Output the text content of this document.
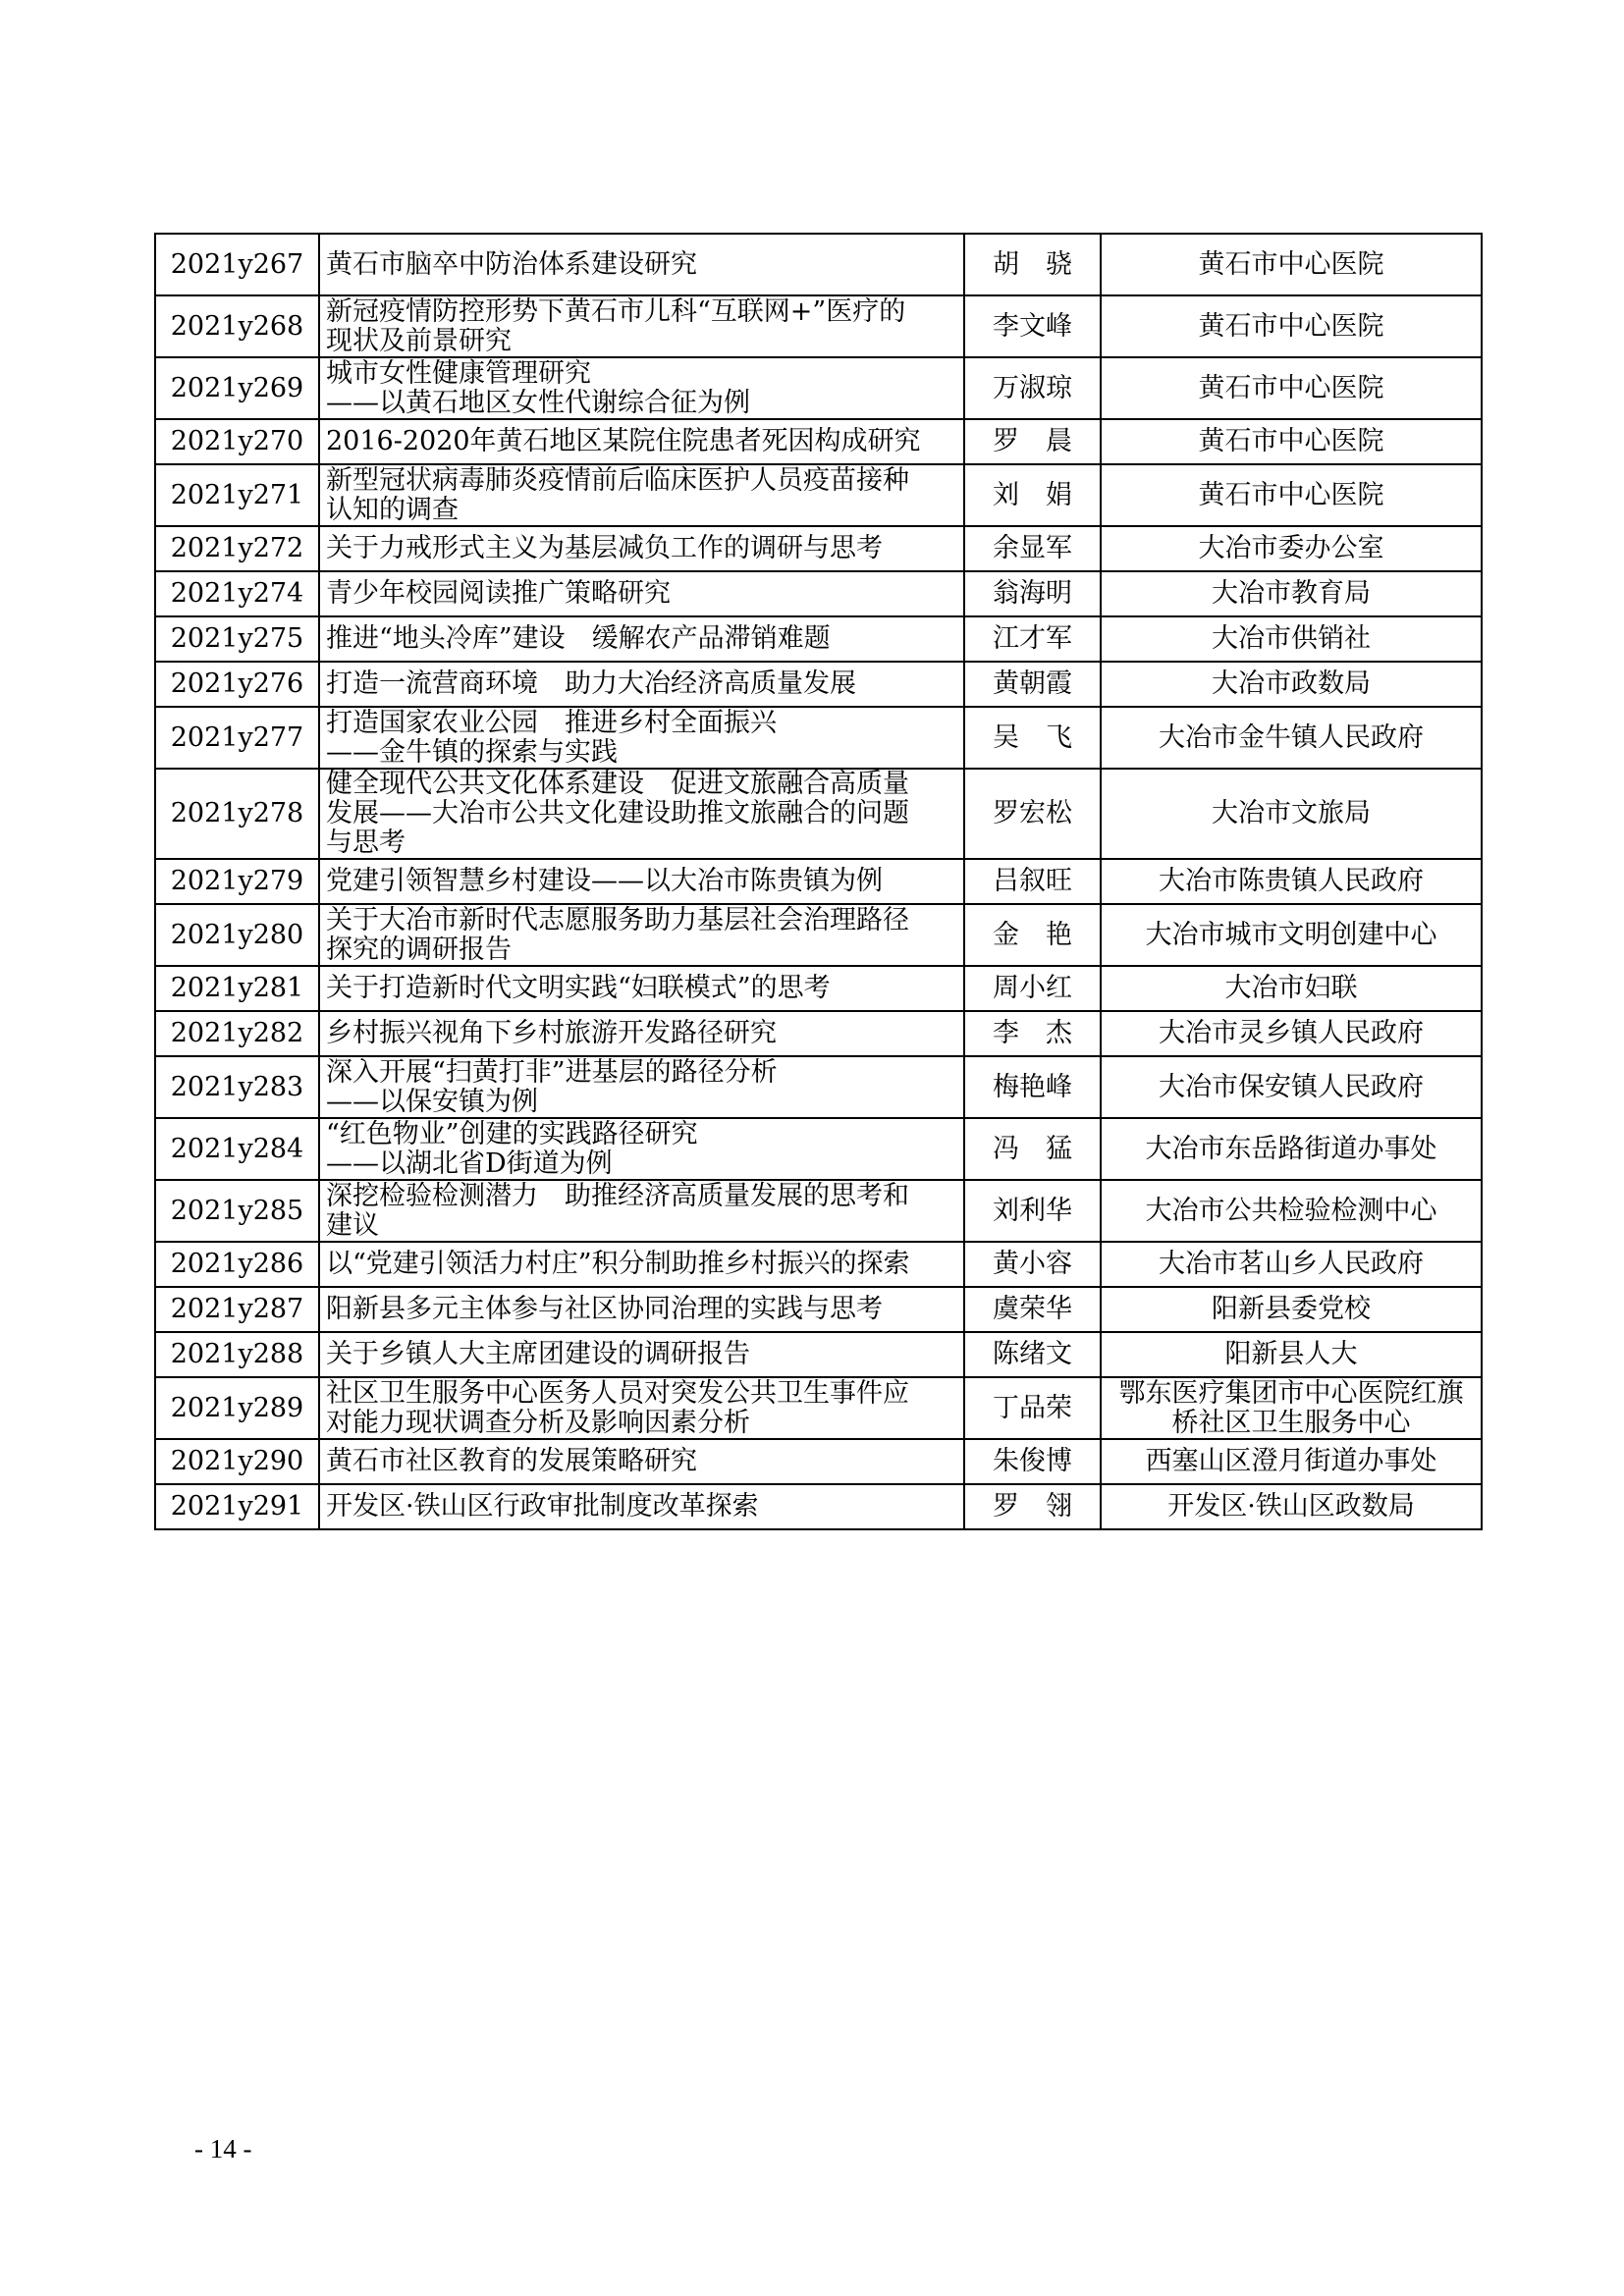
2021y267	黄石市脑卒中防治体系建设研究	胡　骁	黄石市中心医院

2021y268	新冠疫情防控形势下黄石市儿科“互联网+”医疗的
现状及前景研究	李文峰	黄石市中心医院

2021y269	城市女性健康管理研究
——以黄石地区女性代谢综合征为例	万淑琼	黄石市中心医院

2021y270	2016-2020年黄石地区某院住院患者死因构成研究	罗　晨	黄石市中心医院

2021y271	新型冠状病毒肺炎疫情前后临床医护人员疫苗接种
认知的调查	刘　娟	黄石市中心医院

2021y272	关于力戒形式主义为基层减负工作的调研与思考	余显军	大冶市委办公室

2021y274	青少年校园阅读推广策略研究	翁海明	大冶市教育局

2021y275	推进“地头冷库”建设　缓解农产品滞销难题	江才军	大冶市供销社

2021y276	打造一流营商环境　助力大冶经济高质量发展	黄朝霞	大冶市政数局

2021y277	打造国家农业公园　推进乡村全面振兴
——金牛镇的探索与实践	吴　飞	大冶市金牛镇人民政府

2021y278	健全现代公共文化体系建设　促进文旅融合高质量
发展——大冶市公共文化建设助推文旅融合的问题
与思考	罗宏松	大冶市文旅局

2021y279	党建引领智慧乡村建设——以大冶市陈贵镇为例	吕叙旺	大冶市陈贵镇人民政府

2021y280	关于大冶市新时代志愿服务助力基层社会治理路径
探究的调研报告	金　艳	大冶市城市文明创建中心

2021y281	关于打造新时代文明实践“妇联模式”的思考	周小红	大冶市妇联

2021y282	乡村振兴视角下乡村旅游开发路径研究	李　杰	大冶市灵乡镇人民政府

2021y283	深入开展“扫黄打非”进基层的路径分析
——以保安镇为例	梅艳峰	大冶市保安镇人民政府

2021y284	“红色物业”创建的实践路径研究
——以湖北省D街道为例	冯　猛	大冶市东岳路街道办事处

2021y285	深挖检验检测潜力　助推经济高质量发展的思考和
建议	刘利华	大冶市公共检验检测中心

2021y286	以“党建引领活力村庄”积分制助推乡村振兴的探索	黄小容	大冶市茗山乡人民政府

2021y287	阳新县多元主体参与社区协同治理的实践与思考	虞荣华	阳新县委党校

2021y288	关于乡镇人大主席团建设的调研报告	陈绪文	阳新县人大

2021y289	社区卫生服务中心医务人员对突发公共卫生事件应
对能力现状调查分析及影响因素分析	丁品荣	鄂东医疗集团市中心医院红旗
桥社区卫生服务中心

2021y290	黄石市社区教育的发展策略研究	朱俊博	西塞山区澄月街道办事处

2021y291	开发区·铁山区行政审批制度改革探索	罗　翎	开发区·铁山区政数局
- 14 -
